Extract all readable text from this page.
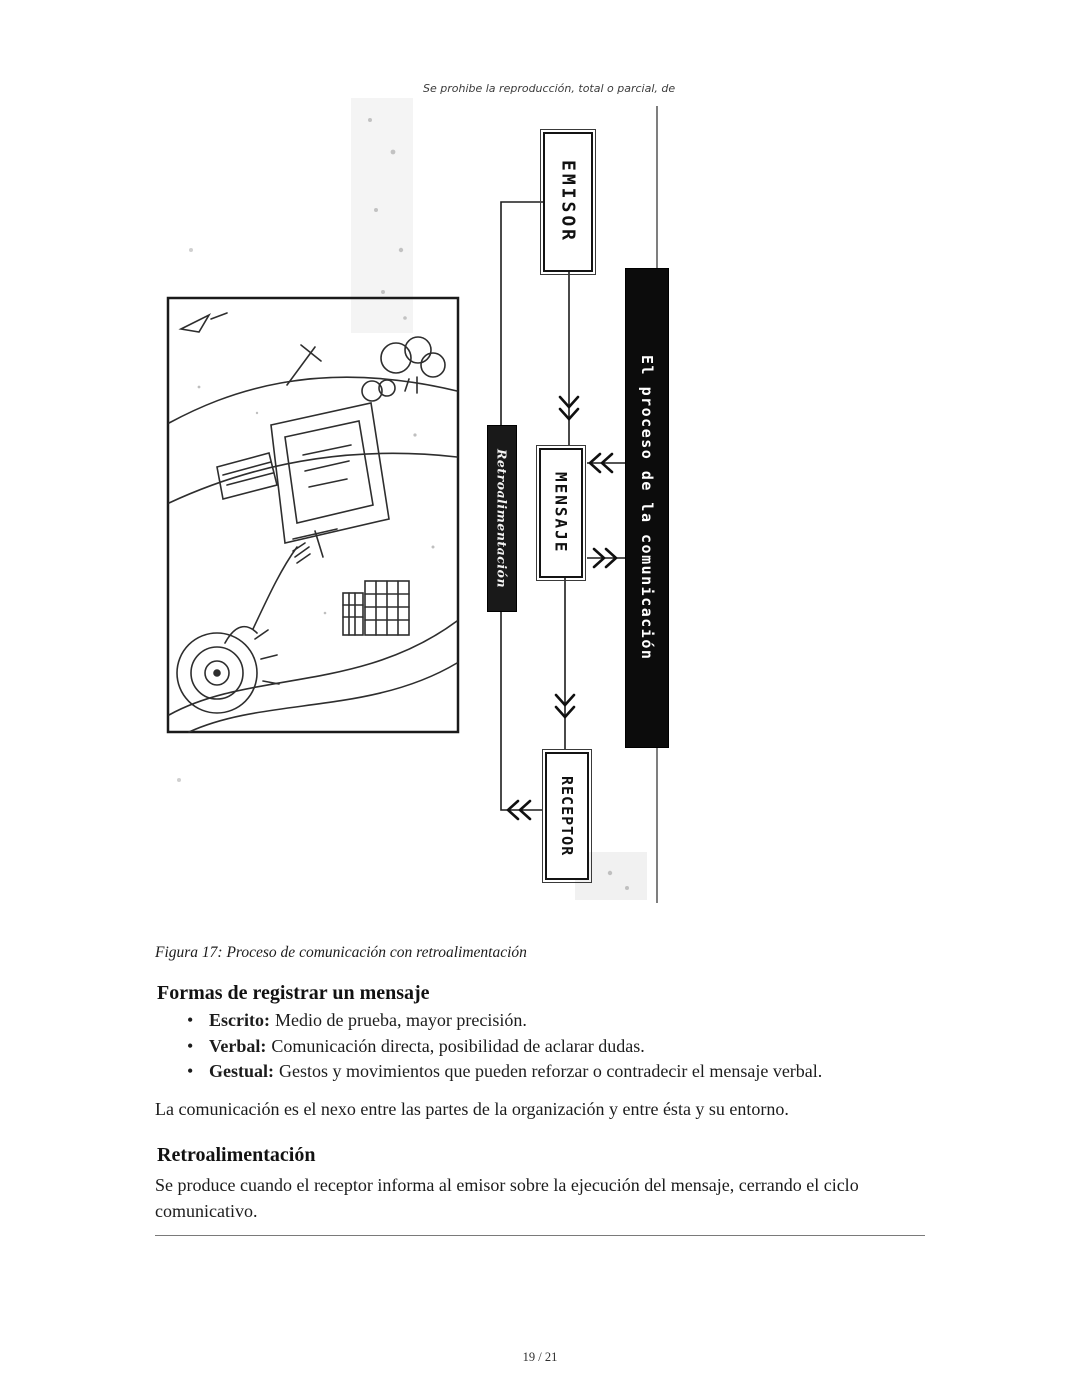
Se prohibe la reproducción, total o parcial, de
EMISOR
MENSAJE
RECEPTOR
El proceso de la comunicación
Retroalimentación
Figura 17: Proceso de comunicación con retroalimentación
Formas de registrar un mensaje
• Escrito: Medio de prueba, mayor precisión.
• Verbal: Comunicación directa, posibilidad de aclarar dudas.
• Gestual: Gestos y movimientos que pueden reforzar o contradecir el mensaje verbal.

La comunicación es el nexo entre las partes de la organización y entre ésta y su entorno.

Retroalimentación

Se produce cuando el receptor informa al emisor sobre la ejecución del mensaje, cerrando el ciclo comunicativo.

19 / 21
